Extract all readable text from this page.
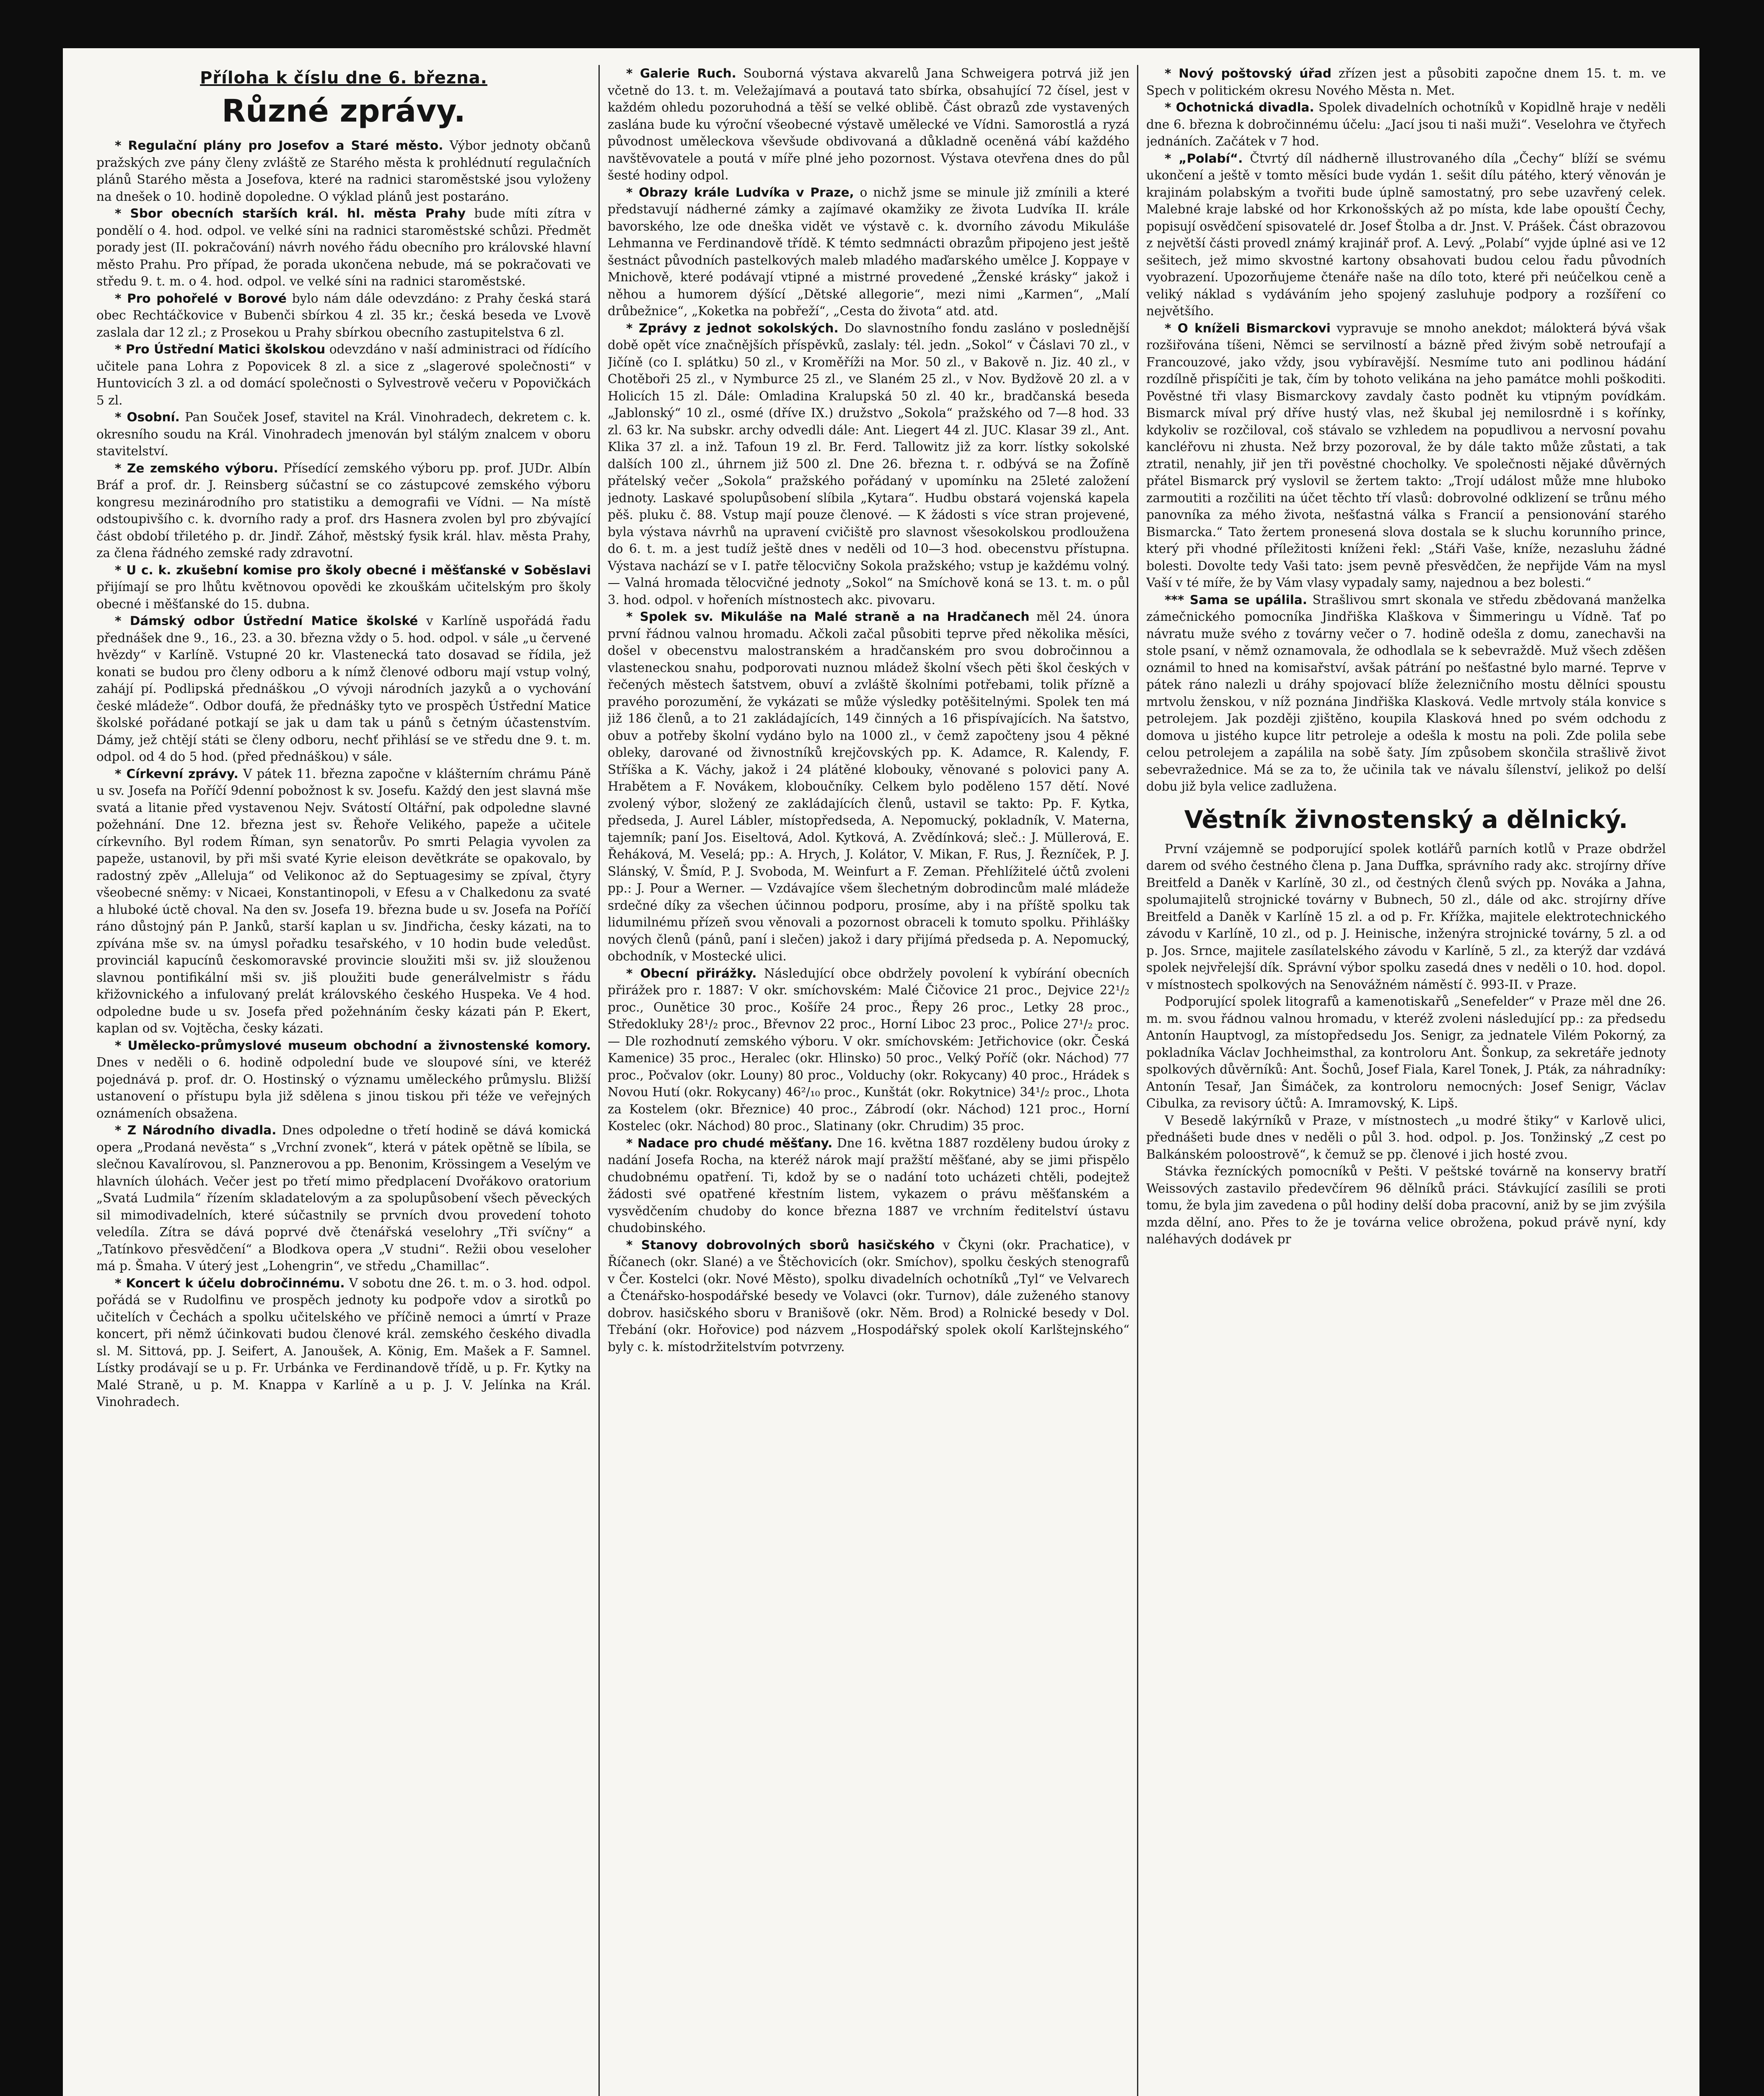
Příloha k číslu dne 6. března.
Různé zprávy.

* Regulační plány pro Josefov a Staré město. Výbor jednoty občanů pražských zve pány členy zvláště ze Starého města k prohlédnutí regulačních plánů Starého města a Josefova, které na radnici staroměstské jsou vyloženy na dnešek o 10. hodině dopoledne. O výklad plánů jest postaráno.

* Sbor obecních starších král. hl. města Prahy bude míti zítra v pondělí o 4. hod. odpol. ve velké síni na radnici staroměstské schůzi. Předmět porady jest (II. pokračování) návrh nového řádu obecního pro královské hlavní město Prahu. Pro případ, že porada ukončena nebude, má se pokračovati ve středu 9. t. m. o 4. hod. odpol. ve velké síni na radnici staroměstské.

* Pro pohořelé v Borové bylo nám dále odevzdáno: z Prahy česká stará obec Rechtáčkovice v Bubenči sbírkou 4 zl. 35 kr.; česká beseda ve Lvově zaslala dar 12 zl.; z Prosekou u Prahy sbírkou obecního zastupitelstva 6 zl.

* Pro Ústřední Matici školskou odevzdáno v naší administraci od řídícího učitele pana Lohra z Popovicek 8 zl. a sice z „slagerové společnosti“ v Huntovicích 3 zl. a od domácí společnosti o Sylvestrově večeru v Popovičkách 5 zl.

* Osobní. Pan Souček Josef, stavitel na Král. Vinohradech, dekretem c. k. okresního soudu na Král. Vinohradech jmenován byl stálým znalcem v oboru stavitelství.

* Ze zemského výboru. Přísedící zemského výboru pp. prof. JUDr. Albín Bráf a prof. dr. J. Reinsberg súčastní se co zástupcové zemského výboru kongresu mezinárodního pro statistiku a demografii ve Vídni. — Na místě odstoupivšího c. k. dvorního rady a prof. drs Hasnera zvolen byl pro zbývající část období třiletého p. dr. Jindř. Záhoř, městský fysik král. hlav. města Prahy, za člena řádného zemské rady zdravotní.

* U c. k. zkušební komise pro školy obecné i měšťanské v Soběslavi přijímají se pro lhůtu květnovou opovědi ke zkouškám učitelským pro školy obecné i měšťanské do 15. dubna.

* Dámský odbor Ústřední Matice školské v Karlíně uspořádá řadu přednášek dne 9., 16., 23. a 30. března vždy o 5. hod. odpol. v sále „u červené hvězdy“ v Karlíně. Vstupné 20 kr. Vlastenecká tato dosavad se řídila, jež konati se budou pro členy odboru a k nímž členové odboru mají vstup volný, zahájí pí. Podlipská přednáškou „O vývoji národních jazyků a o vychování české mládeže“. Odbor doufá, že přednášky tyto ve prospěch Ústřední Matice školské pořádané potkají se jak u dam tak u pánů s četným účastenstvím. Dámy, jež chtějí státi se členy odboru, nechť přihlásí se ve středu dne 9. t. m. odpol. od 4 do 5 hod. (před přednáškou) v sále.

* Církevní zprávy. V pátek 11. března započne v klášterním chrámu Páně u sv. Josefa na Poříčí 9denní pobožnost k sv. Josefu. Každý den jest slavná mše svatá a litanie před vystavenou Nejv. Svátostí Oltářní, pak odpoledne slavné požehnání. Dne 12. března jest sv. Řehoře Velikého, papeže a učitele církevního. Byl rodem Říman, syn senatorův. Po smrti Pelagia vyvolen za papeže, ustanovil, by při mši svaté Kyrie eleison devětkráte se opakovalo, by radostný zpěv „Alleluja“ od Velikonoc až do Septuagesimy se zpíval, čtyry všeobecné sněmy: v Nicaei, Konstantinopoli, v Efesu a v Chalkedonu za svaté a hluboké úctě choval. Na den sv. Josefa 19. března bude u sv. Josefa na Poříčí ráno důstojný pán P. Janků, starší kaplan u sv. Jindřicha, česky kázati, na to zpívána mše sv. na úmysl pořadku tesařského, v 10 hodin bude veledůst. provinciál kapucínů českomoravské provincie sloužiti mši sv. již slouženou slavnou pontifikální mši sv. jiš ploužiti bude generálvelmistr s řádu křižovnického a infulovaný prelát královského českého Huspeka. Ve 4 hod. odpoledne bude u sv. Josefa před požehnáním česky kázati pán P. Ekert, kaplan od sv. Vojtěcha, česky kázati.

* Umělecko-průmyslové museum obchodní a živnostenské komory. Dnes v neděli o 6. hodině odpolední bude ve sloupové síni, ve kteréž pojednává p. prof. dr. O. Hostinský o významu uměleckého průmyslu. Bližší ustanovení o přístupu byla již sdělena s jinou tiskou při téže ve veřejných oznámeních obsažena.

* Z Národního divadla. Dnes odpoledne o třetí hodině se dává komická opera „Prodaná nevěsta“ s „Vrchní zvonek“, která v pátek opětně se líbila, se slečnou Kavalírovou, sl. Panznerovou a pp. Benonim, Krössingem a Veselým ve hlavních úlohách. Večer jest po třetí mimo předplacení Dvořákovo oratorium „Svatá Ludmila“ řízením skladatelovým a za spolupůsobení všech pěveckých sil mimodivadelních, které súčastnily se prvních dvou provedení tohoto veledíla. Zítra se dává poprvé dvě čtenářská veselohry „Tři svíčny“ a „Tatínkovo přesvědčení“ a Blodkova opera „V studni“. Režii obou veseloher má p. Šmaha. V úterý jest „Lohengrin“, ve středu „Chamillac“.

* Koncert k účelu dobročinnému. V sobotu dne 26. t. m. o 3. hod. odpol. pořádá se v Rudolfinu ve prospěch jednoty ku podpoře vdov a sirotků po učitelích v Čechách a spolku učitelského ve příčině nemoci a úmrtí v Praze koncert, při němž účinkovati budou členové král. zemského českého divadla sl. M. Sittová, pp. J. Seifert, A. Janoušek, A. König, Em. Mašek a F. Samnel. Lístky prodávají se u p. Fr. Urbánka ve Ferdinandově třídě, u p. Fr. Kytky na Malé Straně, u p. M. Knappa v Karlíně a u p. J. V. Jelínka na Král. Vinohradech.

* Galerie Ruch. Souborná výstava akvarelů Jana Schweigera potrvá již jen včetně do 13. t. m. Veležajímavá a poutavá tato sbírka, obsahující 72 čísel, jest v každém ohledu pozoruhodná a těší se velké oblibě. Část obrazů zde vystavených zaslána bude ku výroční všeobecné výstavě umělecké ve Vídni. Samorostlá a ryzá původnost uměleckova vševšude obdivovaná a důkladně oceněná vábí každého navštěvovatele a poutá v míře plné jeho pozornost. Výstava otevřena dnes do půl šesté hodiny odpol.

* Obrazy krále Ludvíka v Praze, o nichž jsme se minule již zmínili a které představují nádherné zámky a zajímavé okamžiky ze života Ludvíka II. krále bavorského, lze ode dneška vidět ve výstavě c. k. dvorního závodu Mikuláše Lehmanna ve Ferdinandově třídě. K témto sedmnácti obrazům připojeno jest ještě šestnáct původních pastelkových maleb mladého maďarského umělce J. Koppaye v Mnichově, které podávají vtipné a mistrné provedené „Ženské krásky“ jakož i něhou a humorem dýšící „Dětské allegorie“, mezi nimi „Karmen“, „Malí drůbežnice“, „Koketka na pobřeží“, „Cesta do života“ atd. atd.

* Zprávy z jednot sokolských. Do slavnostního fondu zasláno v poslednější době opět více značnějších příspěvků, zaslaly: tél. jedn. „Sokol“ v Čáslavi 70 zl., v Jičíně (co I. splátku) 50 zl., v Kroměříži na Mor. 50 zl., v Bakově n. Jiz. 40 zl., v Chotěboři 25 zl., v Nymburce 25 zl., ve Slaném 25 zl., v Nov. Bydžově 20 zl. a v Holicích 15 zl. Dále: Omladina Kralupská 50 zl. 40 kr., bradčanská beseda „Jablonský“ 10 zl., osmé (dříve IX.) družstvo „Sokola“ pražského od 7—8 hod. 33 zl. 63 kr. Na subskr. archy odvedli dále: Ant. Liegert 44 zl. JUC. Klasar 39 zl., Ant. Klika 37 zl. a inž. Tafoun 19 zl. Br. Ferd. Tallowitz již za korr. lístky sokolské dalších 100 zl., úhrnem již 500 zl. Dne 26. března t. r. odbývá se na Žofíně přátelský večer „Sokola“ pražského pořádaný v upomínku na 25leté založení jednoty. Laskavé spolupůsobení slíbila „Kytara“. Hudbu obstará vojenská kapela pěš. pluku č. 88. Vstup mají pouze členové. — K žádosti s více stran projevené, byla výstava návrhů na upravení cvičiště pro slavnost všesokolskou prodloužena do 6. t. m. a jest tudíž ještě dnes v neděli od 10—3 hod. obecenstvu přístupna. Výstava nachází se v I. patře tělocvičny Sokola pražského; vstup je každému volný. — Valná hromada tělocvičné jednoty „Sokol“ na Smíchově koná se 13. t. m. o půl 3. hod. odpol. v hořeních místnostech akc. pivovaru.

* Spolek sv. Mikuláše na Malé straně a na Hradčanech měl 24. února první řádnou valnou hromadu. Ačkoli začal působiti teprve před několika měsíci, došel v obecenstvu malostranském a hradčanském pro svou dobročinnou a vlasteneckou snahu, podporovati nuznou mládež školní všech pěti škol českých v řečených městech šatstvem, obuví a zvláště školními potřebami, tolik přízně a pravého porozumění, že vykázati se může výsledky potěšitelnými. Spolek ten má již 186 členů, a to 21 zakládajících, 149 činných a 16 přispívajících. Na šatstvo, obuv a potřeby školní vydáno bylo na 1000 zl., v čemž započteny jsou 4 pěkné obleky, darované od živnostníků krejčovských pp. K. Adamce, R. Kalendy, F. Stříška a K. Váchy, jakož i 24 plátěné klobouky, věnované s polovici pany A. Hrabětem a F. Novákem, kloboučníky. Celkem bylo poděleno 157 dětí. Nové zvolený výbor, složený ze zakládajících členů, ustavil se takto: Pp. F. Kytka, předseda, J. Aurel Lábler, místopředseda, A. Nepomucký, pokladník, V. Materna, tajemník; paní Jos. Eiseltová, Adol. Kytková, A. Zvědínková; sleč.: J. Müllerová, E. Řeháková, M. Veselá; pp.: A. Hrych, J. Kolátor, V. Mikan, F. Rus, J. Řezníček, P. J. Slánský, V. Šmíd, P. J. Svoboda, M. Weinfurt a F. Zeman. Přehlížitelé účtů zvoleni pp.: J. Pour a Werner. — Vzdávajíce všem šlechetným dobrodincům malé mládeže srdečné díky za všechen účinnou podporu, prosíme, aby i na příště spolku tak lidumilnému přízeň svou věnovali a pozornost obraceli k tomuto spolku. Přihlášky nových členů (pánů, paní i slečen) jakož i dary přijímá předseda p. A. Nepomucký, obchodník, v Mostecké ulici.

* Obecní přirážky. Následující obce obdržely povolení k vybírání obecních přirážek pro r. 1887: V okr. smíchovském: Malé Čičovice 21 proc., Dejvice 22¹/₂ proc., Ounětice 30 proc., Košíře 24 proc., Řepy 26 proc., Letky 28 proc., Středokluky 28¹/₂ proc., Břevnov 22 proc., Horní Liboc 23 proc., Police 27¹/₂ proc. — Dle rozhodnutí zemského výboru. V okr. smíchovském: Jetřichovice (okr. Česká Kamenice) 35 proc., Heralec (okr. Hlinsko) 50 proc., Velký Poříč (okr. Náchod) 77 proc., Počvalov (okr. Louny) 80 proc., Volduchy (okr. Rokycany) 40 proc., Hrádek s Novou Hutí (okr. Rokycany) 46²/₁₀ proc., Kunštát (okr. Rokytnice) 34¹/₂ proc., Lhota za Kostelem (okr. Březnice) 40 proc., Zábrodí (okr. Náchod) 121 proc., Horní Kostelec (okr. Náchod) 80 proc., Slatinany (okr. Chrudim) 35 proc.

* Nadace pro chudé měšťany. Dne 16. května 1887 rozděleny budou úroky z nadání Josefa Rocha, na kteréž nárok mají pražští měšťané, aby se jimi přispělo chudobnému opatření. Ti, kdož by se o nadání toto ucházeti chtěli, podejtež žádosti své opatřené křestním listem, vykazem o právu měšťanském a vysvědčením chudoby do konce března 1887 ve vrchním ředitelství ústavu chudobinského.

* Stanovy dobrovolných sborů hasičského v Čkyni (okr. Prachatice), v Říčanech (okr. Slané) a ve Štěchovicích (okr. Smíchov), spolku českých stenografů v Čer. Kostelci (okr. Nové Město), spolku divadelních ochotníků „Tyl“ ve Velvarech a Čtenářsko-hospodářské besedy ve Volavci (okr. Turnov), dále zuženého stanovy dobrov. hasičského sboru v Branišově (okr. Něm. Brod) a Rolnické besedy v Dol. Třebání (okr. Hořovice) pod názvem „Hospodářský spolek okolí Karlštejnského“ byly c. k. místodržitelstvím potvrzeny.

* Nový poštovský úřad zřízen jest a působiti započne dnem 15. t. m. ve Spech v politickém okresu Nového Města n. Met.

* Ochotnická divadla. Spolek divadelních ochotníků v Kopidlně hraje v neděli dne 6. března k dobročinnému účelu: „Jací jsou ti naši muži“. Veselohra ve čtyřech jednáních. Začátek v 7 hod.

* „Polabí“. Čtvrtý díl nádherně illustrovaného díla „Čechy“ blíží se svému ukončení a ještě v tomto měsíci bude vydán 1. sešit dílu pátého, který věnován je krajinám polabským a tvořiti bude úplně samostatný, pro sebe uzavřený celek. Malebné kraje labské od hor Krkonošských až po místa, kde labe opouští Čechy, popisují osvědčení spisovatelé dr. Josef Štolba a dr. Jnst. V. Prášek. Část obrazovou z největší části provedl známý krajinář prof. A. Levý. „Polabí“ vyjde úplné asi ve 12 sešitech, jež mimo skvostné kartony obsahovati budou celou řadu původních vyobrazení. Upozorňujeme čtenáře naše na dílo toto, které při neúčelkou ceně a veliký náklad s vydáváním jeho spojený zasluhuje podpory a rozšíření co největšího.

* O kníželi Bismarckovi vypravuje se mnoho anekdot; málokterá bývá však rozšiřována tíšeni, Němci se servilností a bázně před živým sobě netroufají a Francouzové, jako vždy, jsou vybíravější. Nesmíme tuto ani podlinou hádání rozdílně přispíčiti je tak, čím by tohoto velikána na jeho památce mohli poškoditi. Pověstné tři vlasy Bismarckovy zavdaly často podnět ku vtipným povídkám. Bismarck míval prý dříve hustý vlas, než škubal jej nemilosrdně i s kořínky, kdykoliv se rozčiloval, coš stávalo se vzhledem na popudlivou a nervosní povahu kancléřovu ni zhusta. Než brzy pozoroval, že by dále takto může zůstati, a tak ztratil, nenahly, jiř jen tři pověstné chocholky. Ve společnosti nějaké důvěrných přátel Bismarck prý vyslovil se žertem takto: „Trojí událost může mne hluboko zarmoutiti a rozčiliti na účet těchto tří vlasů: dobrovolné odklizení se trůnu mého panovníka za mého života, nešťastná válka s Francií a pensionování starého Bismarcka.“ Tato žertem pronesená slova dostala se k sluchu korunního prince, který při vhodné příležitosti kníženi řekl: „Stáři Vaše, kníže, nezasluhu žádné bolesti. Dovolte tedy Vaši tato: jsem pevně přesvědčen, že nepřijde Vám na mysl Vaší v té míře, že by Vám vlasy vypadaly samy, najednou a bez bolesti.“

*** Sama se upálila. Strašlivou smrt skonala ve středu zbědovaná manželka zámečnického pomocníka Jindřiška Klaškova v Šimmeringu u Vídně. Tať po návratu muže svého z továrny večer o 7. hodině odešla z domu, zanechavši na stole psaní, v němž oznamovala, že odhodlala se k sebevraždě. Muž všech zděšen oznámil to hned na komisařství, avšak pátrání po nešťastné bylo marné. Teprve v pátek ráno nalezli u dráhy spojovací blíže železničního mostu dělníci spoustu mrtvolu ženskou, v níž poznána Jindřiška Klasková. Vedle mrtvoly stála konvice s petrolejem. Jak později zjištěno, koupila Klasková hned po svém odchodu z domova u jistého kupce litr petroleje a odešla k mostu na poli. Zde polila sebe celou petrolejem a zapálila na sobě šaty. Jím způsobem skončila strašlivě život sebevražednice. Má se za to, že učinila tak ve návalu šílenství, jelikož po delší dobu již byla velice zadlužena.

Věstník živnostenský a dělnický.

První vzájemně se podporující spolek kotlářů parních kotlů v Praze obdržel darem od svého čestného člena p. Jana Duffka, správního rady akc. strojírny dříve Breitfeld a Daněk v Karlíně, 30 zl., od čestných členů svých pp. Nováka a Jahna, spolumajitelů strojnické továrny v Bubnech, 50 zl., dále od akc. strojírny dříve Breitfeld a Daněk v Karlíně 15 zl. a od p. Fr. Křížka, majitele elektrotechnického závodu v Karlíně, 10 zl., od p. J. Heinische, inženýra strojnické továrny, 5 zl. a od p. Jos. Srnce, majitele zasílatelského závodu v Karlíně, 5 zl., za kterýž dar vzdává spolek nejvřelejší dík. Správní výbor spolku zasedá dnes v neděli o 10. hod. dopol. v místnostech spolkových na Senovážném náměstí č. 993-II. v Praze.

Podporující spolek litografů a kamenotiskařů „Senefelder“ v Praze měl dne 26. m. m. svou řádnou valnou hromadu, v kteréž zvoleni následující pp.: za předsedu Antonín Hauptvogl, za místopředsedu Jos. Senigr, za jednatele Vilém Pokorný, za pokladníka Václav Jochheimsthal, za kontroloru Ant. Šonkup, za sekretáře jednoty spolkových důvěrníků: Ant. Šochů, Josef Fiala, Karel Tonek, J. Pták, za náhradníky: Antonín Tesař, Jan Šimáček, za kontroloru nemocných: Josef Senigr, Václav Cibulka, za revisory účtů: A. Imramovský, K. Lipš.

V Besedě lakýrníků v Praze, v místnostech „u modré štiky“ v Karlově ulici, přednášeti bude dnes v neděli o půl 3. hod. odpol. p. Jos. Tonžinský „Z cest po Balkánském poloostrově“, k čemuž se pp. členové i jich hosté zvou.

Stávka řezníckých pomocníků v Pešti. V peštské továrně na konservy bratří Weissových zastavilo předevčírem 96 dělníků práci. Stávkující zasílili se proti tomu, že byla jim zavedena o půl hodiny delší doba pracovní, aniž by se jim zvýšila mzda dělní, ano. Přes to že je továrna velice obrožena, pokud právě nyní, kdy naléhavých dodávek pr
